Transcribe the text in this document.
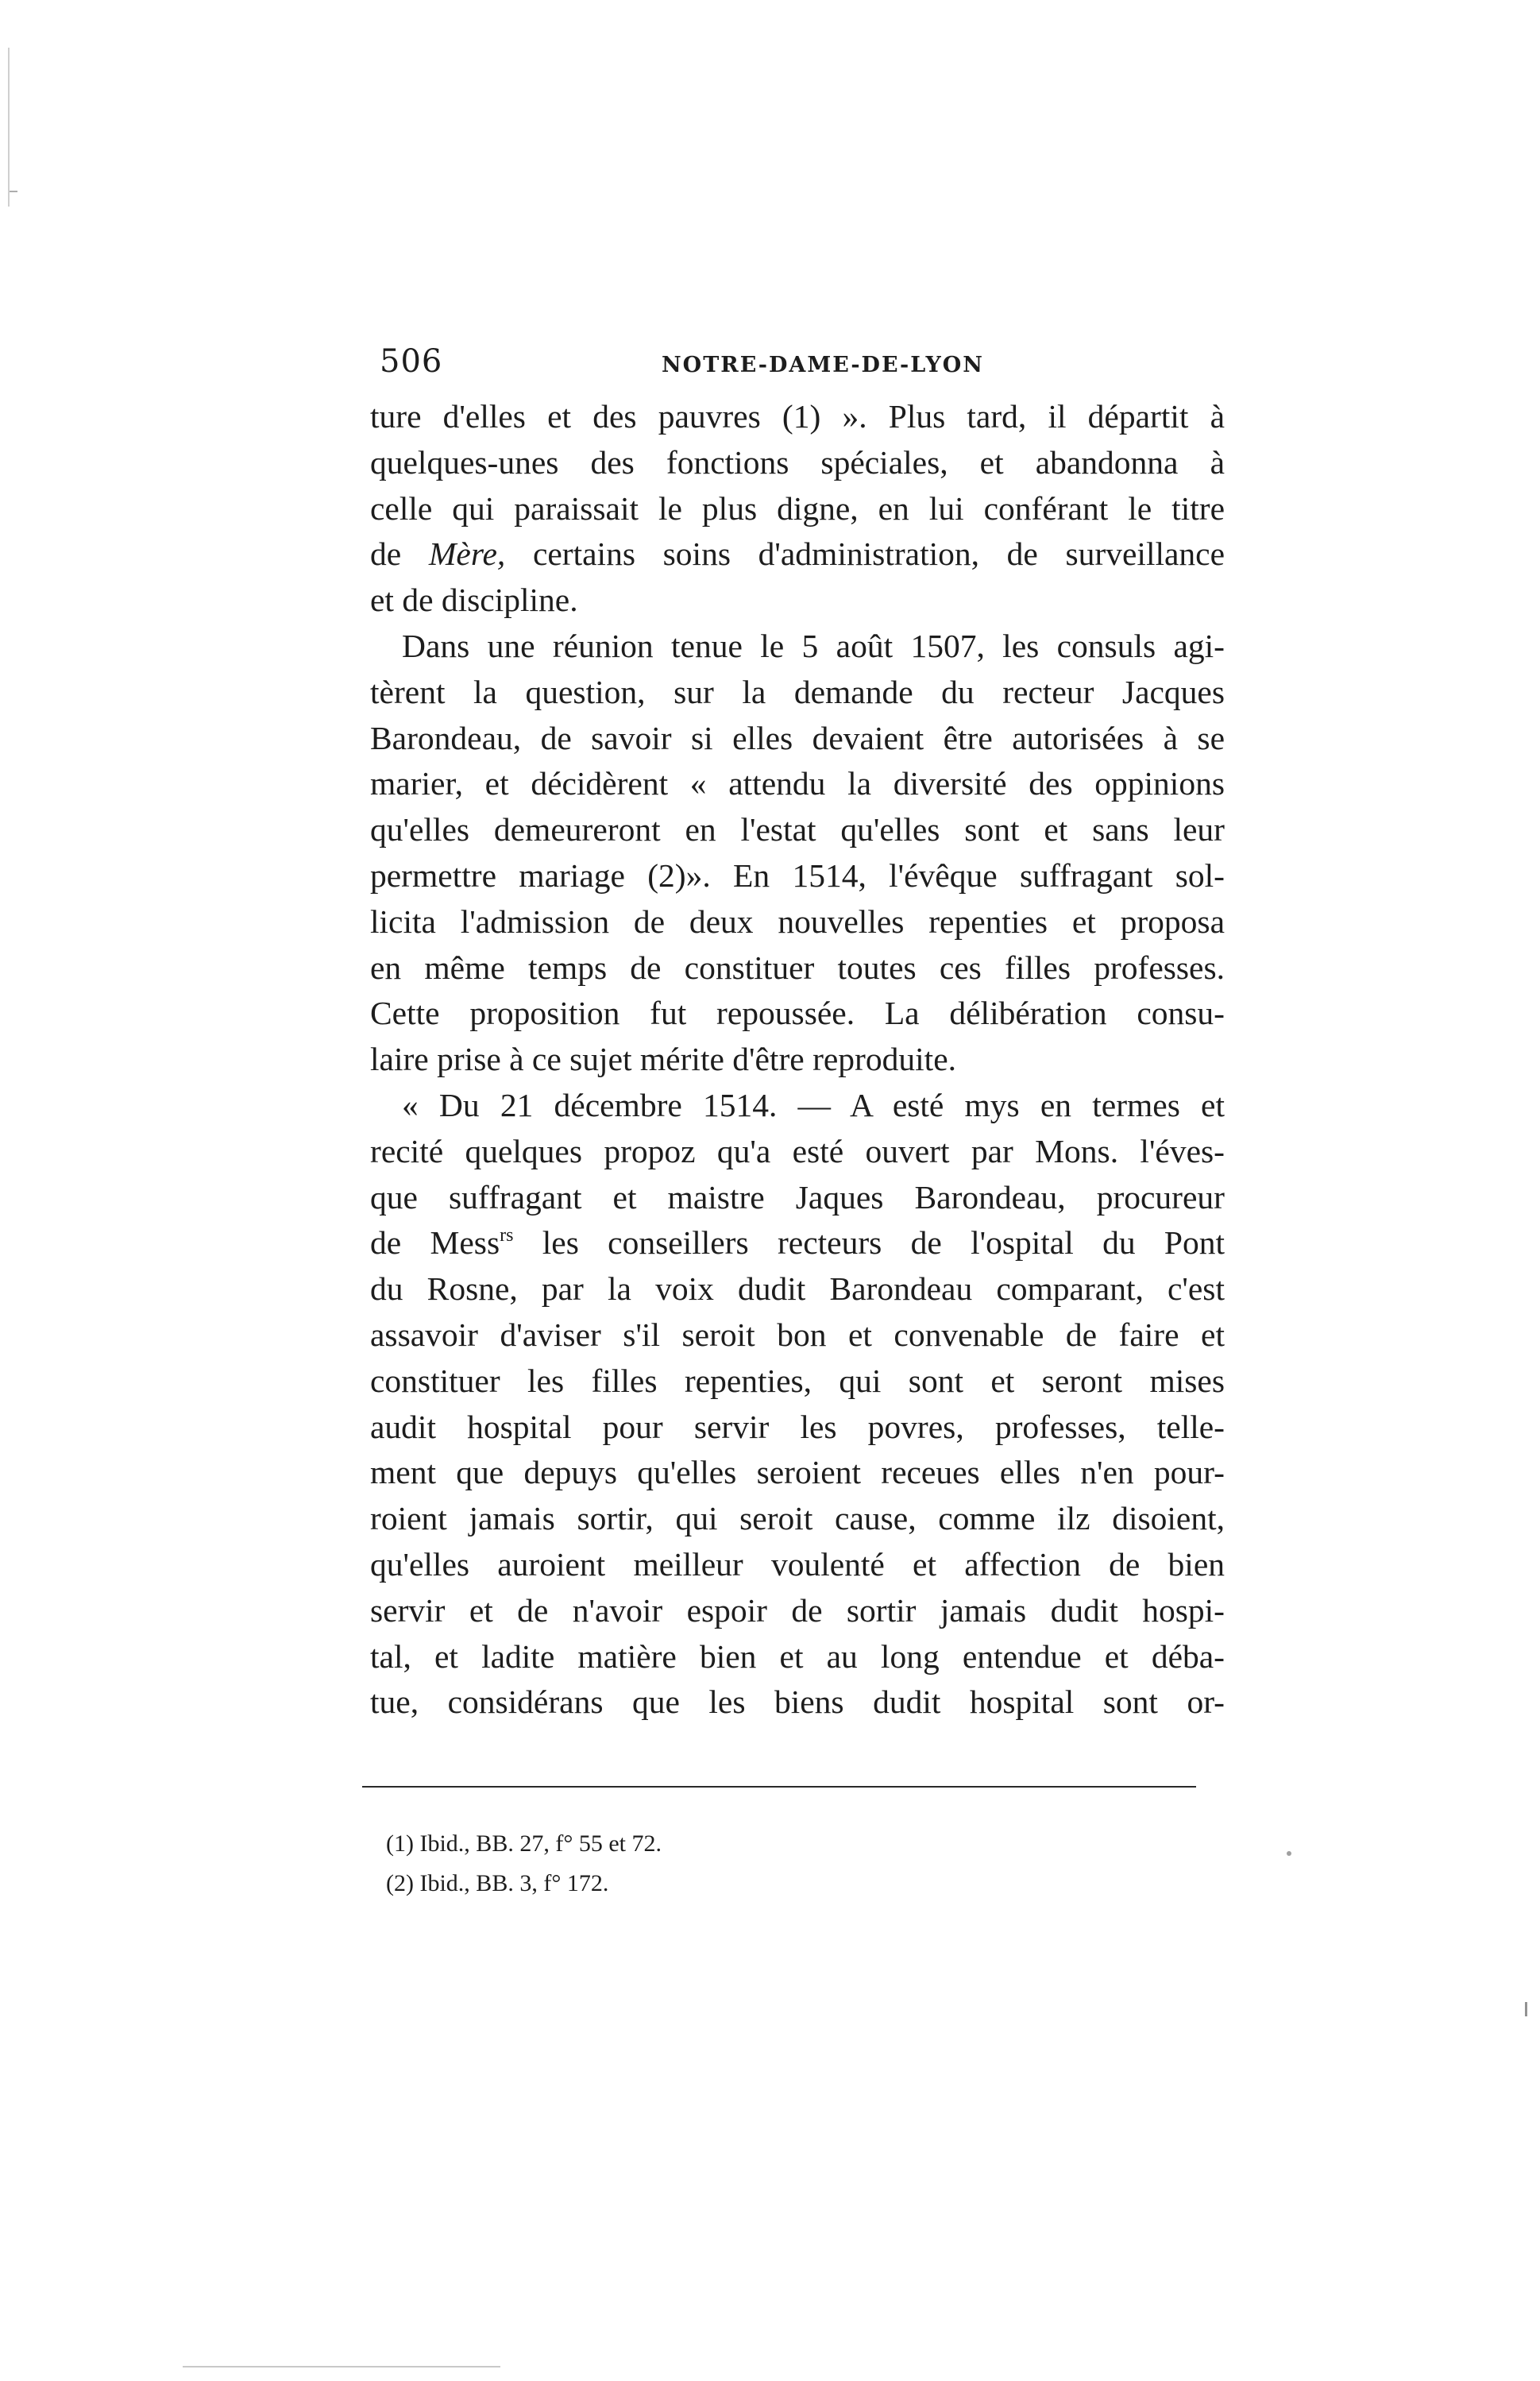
506	NOTRE-DAME-DE-LYON
ture d'elles et des pauvres (1) ». Plus tard, il départit à
quelques-unes des fonctions spéciales, et abandonna à
celle qui paraissait le plus digne, en lui conférant le titre
de Mère, certains soins d'administration, de surveillance
et de discipline.
Dans une réunion tenue le 5 août 1507, les consuls agi-
tèrent la question, sur la demande du recteur Jacques
Barondeau, de savoir si elles devaient être autorisées à se
marier, et décidèrent « attendu la diversité des oppinions
qu'elles demeureront en l'estat qu'elles sont et sans leur
permettre mariage (2)». En 1514, l'évêque suffragant sol-
licita l'admission de deux nouvelles repenties et proposa
en même temps de constituer toutes ces filles professes.
Cette proposition fut repoussée. La délibération consu-
laire prise à ce sujet mérite d'être reproduite.
« Du 21 décembre 1514. — A esté mys en termes et
recité quelques propoz qu'a esté ouvert par Mons. l'éves-
que suffragant et maistre Jaques Barondeau, procureur
de Mess$^{rs}$ les conseillers recteurs de l'ospital du Pont
du Rosne, par la voix dudit Barondeau comparant, c'est
assavoir d'aviser s'il seroit bon et convenable de faire et
constituer les filles repenties, qui sont et seront mises
audit hospital pour servir les povres, professes, telle-
ment que depuys qu'elles seroient receues elles n'en pour-
roient jamais sortir, qui seroit cause, comme ilz disoient,
qu'elles auroient meilleur voulenté et affection de bien
servir et de n'avoir espoir de sortir jamais dudit hospi-
tal, et ladite matière bien et au long entendue et déba-
tue, considérans que les biens dudit hospital sont or-
(1) Ibid., BB. 27, f° 55 et 72.
(2) Ibid., BB. 3, f° 172.
